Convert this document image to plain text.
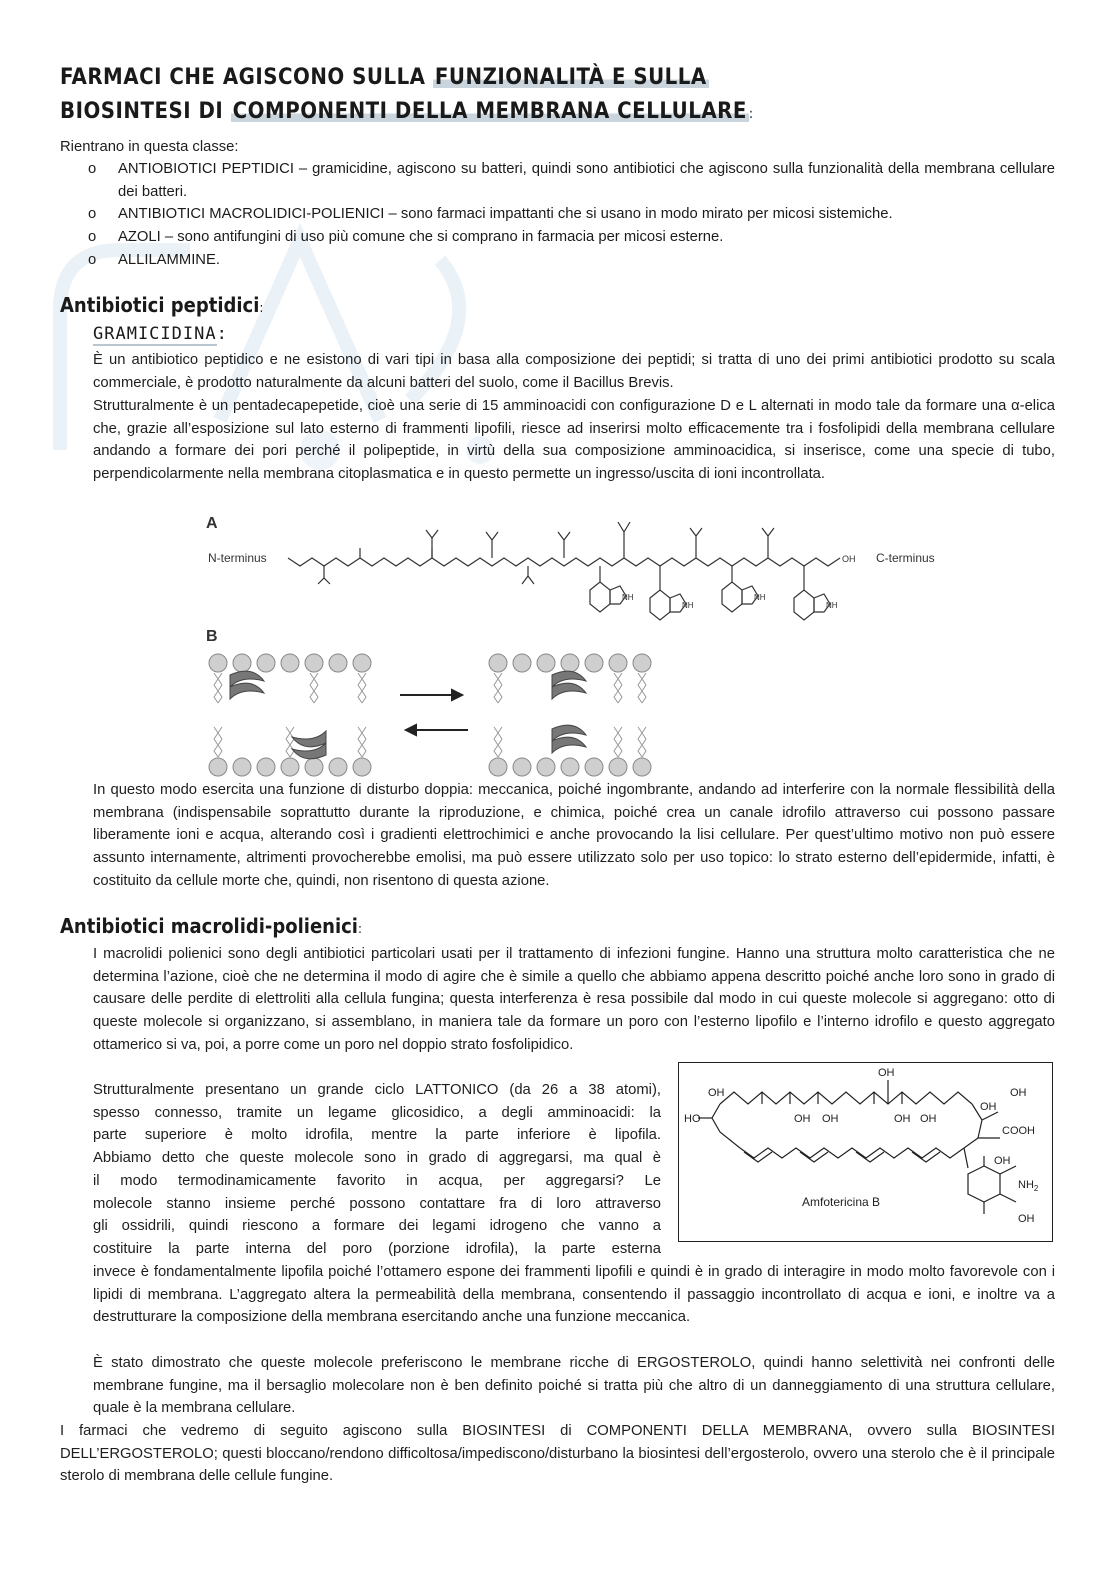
FARMACI CHE AGISCONO SULLA FUNZIONALITÀ E SULLA
BIOSINTESI DI COMPONENTI DELLA MEMBRANA CELLULARE :
Rientrano in questa classe:
o ANTIOBIOTICI PEPTIDICI – gramicidine, agiscono su batteri, quindi sono antibiotici che agiscono sulla funzionalità della membrana cellulare dei batteri.
o ANTIBIOTICI MACROLIDICI-POLIENICI – sono farmaci impattanti che si usano in modo mirato per micosi sistemiche.
o AZOLI – sono antifungini di uso più comune che si comprano in farmacia per micosi esterne.
o ALLILAMMINE.
Antibiotici peptidici:
GRAMICIDINA:
È un antibiotico peptidico e ne esistono di vari tipi in basa alla composizione dei peptidi; si tratta di uno dei primi antibiotici prodotto su scala commerciale, è prodotto naturalmente da alcuni batteri del suolo, come il Bacillus Brevis.
Strutturalmente è un pentadecapepetide, cioè una serie di 15 amminoacidi con configurazione D e L alternati in modo tale da formare una α-elica che, grazie all’esposizione sul lato esterno di frammenti lipofili, riesce ad inserirsi molto efficacemente tra i fosfolipidi della membrana cellulare andando a formare dei pori perché il polipeptide, in virtù della sua composizione amminoacidica, si inserisce, come una specie di tubo, perpendicolarmente nella membrana citoplasmatica e in questo permette un ingresso/uscita di ioni incontrollata.
A
N-terminus	C-terminus
OH
NH
NH
NH
NH
B
In questo modo esercita una funzione di disturbo doppia: meccanica, poiché ingombrante, andando ad interferire con la normale flessibilità della membrana (indispensabile soprattutto durante la riproduzione, e chimica, poiché crea un canale idrofilo attraverso cui possono passare liberamente ioni e acqua, alterando così i gradienti elettrochimici e anche provocando la lisi cellulare. Per quest’ultimo motivo non può essere assunto internamente, altrimenti provocherebbe emolisi, ma può essere utilizzato solo per uso topico: lo strato esterno dell’epidermide, infatti, è costituito da cellule morte che, quindi, non risentono di questa azione.
Antibiotici macrolidi-polienici:
I macrolidi polienici sono degli antibiotici particolari usati per il trattamento di infezioni fungine. Hanno una struttura molto caratteristica che ne determina l’azione, cioè che ne determina il modo di agire che è simile a quello che abbiamo appena descritto poiché anche loro sono in grado di causare delle perdite di elettroliti alla cellula fungina; questa interferenza è resa possibile dal modo in cui queste molecole si aggregano: otto di queste molecole si organizzano, si assemblano, in maniera tale da formare un poro con l’esterno lipofilo e l’interno idrofilo e questo aggregato ottamerico si va, poi, a porre come un poro nel doppio strato fosfolipidico.
Strutturalmente presentano un grande ciclo LATTONICO (da 26 a 38 atomi),
spesso connesso, tramite un legame glicosidico, a degli amminoacidi: la
parte superiore è molto idrofila, mentre la parte inferiore è lipofila.
Abbiamo detto che queste molecole sono in grado di aggregarsi, ma qual è
il modo termodinamicamente favorito in acqua, per aggregarsi? Le
molecole stanno insieme perché possono contattare fra di loro attraverso
gli ossidrili, quindi riescono a formare dei legami idrogeno che vanno a
costituire la parte interna del poro (porzione idrofila), la parte esterna
OH
OH
OH
HO
OH
OH OH	OH OH
COOH
OH
$NH_2$
OH
Amfotericina B
invece è fondamentalmente lipofila poiché l’ottamero espone dei frammenti lipofili e quindi è in grado di interagire in modo molto favorevole con i lipidi di membrana. L’aggregato altera la permeabilità della membrana, consentendo il passaggio incontrollato di acqua e ioni, e inoltre va a destrutturare la composizione della membrana esercitando anche una funzione meccanica.
È stato dimostrato che queste molecole preferiscono le membrane ricche di ERGOSTEROLO, quindi hanno selettività nei confronti delle membrane fungine, ma il bersaglio molecolare non è ben definito poiché si tratta più che altro di un danneggiamento di una struttura cellulare, quale è la membrana cellulare.
I farmaci che vedremo di seguito agiscono sulla BIOSINTESI di COMPONENTI DELLA MEMBRANA, ovvero sulla BIOSINTESI DELL’ERGOSTEROLO; questi bloccano/rendono difficoltosa/impediscono/disturbano la biosintesi dell’ergosterolo, ovvero una sterolo che è il principale sterolo di membrana delle cellule fungine.
